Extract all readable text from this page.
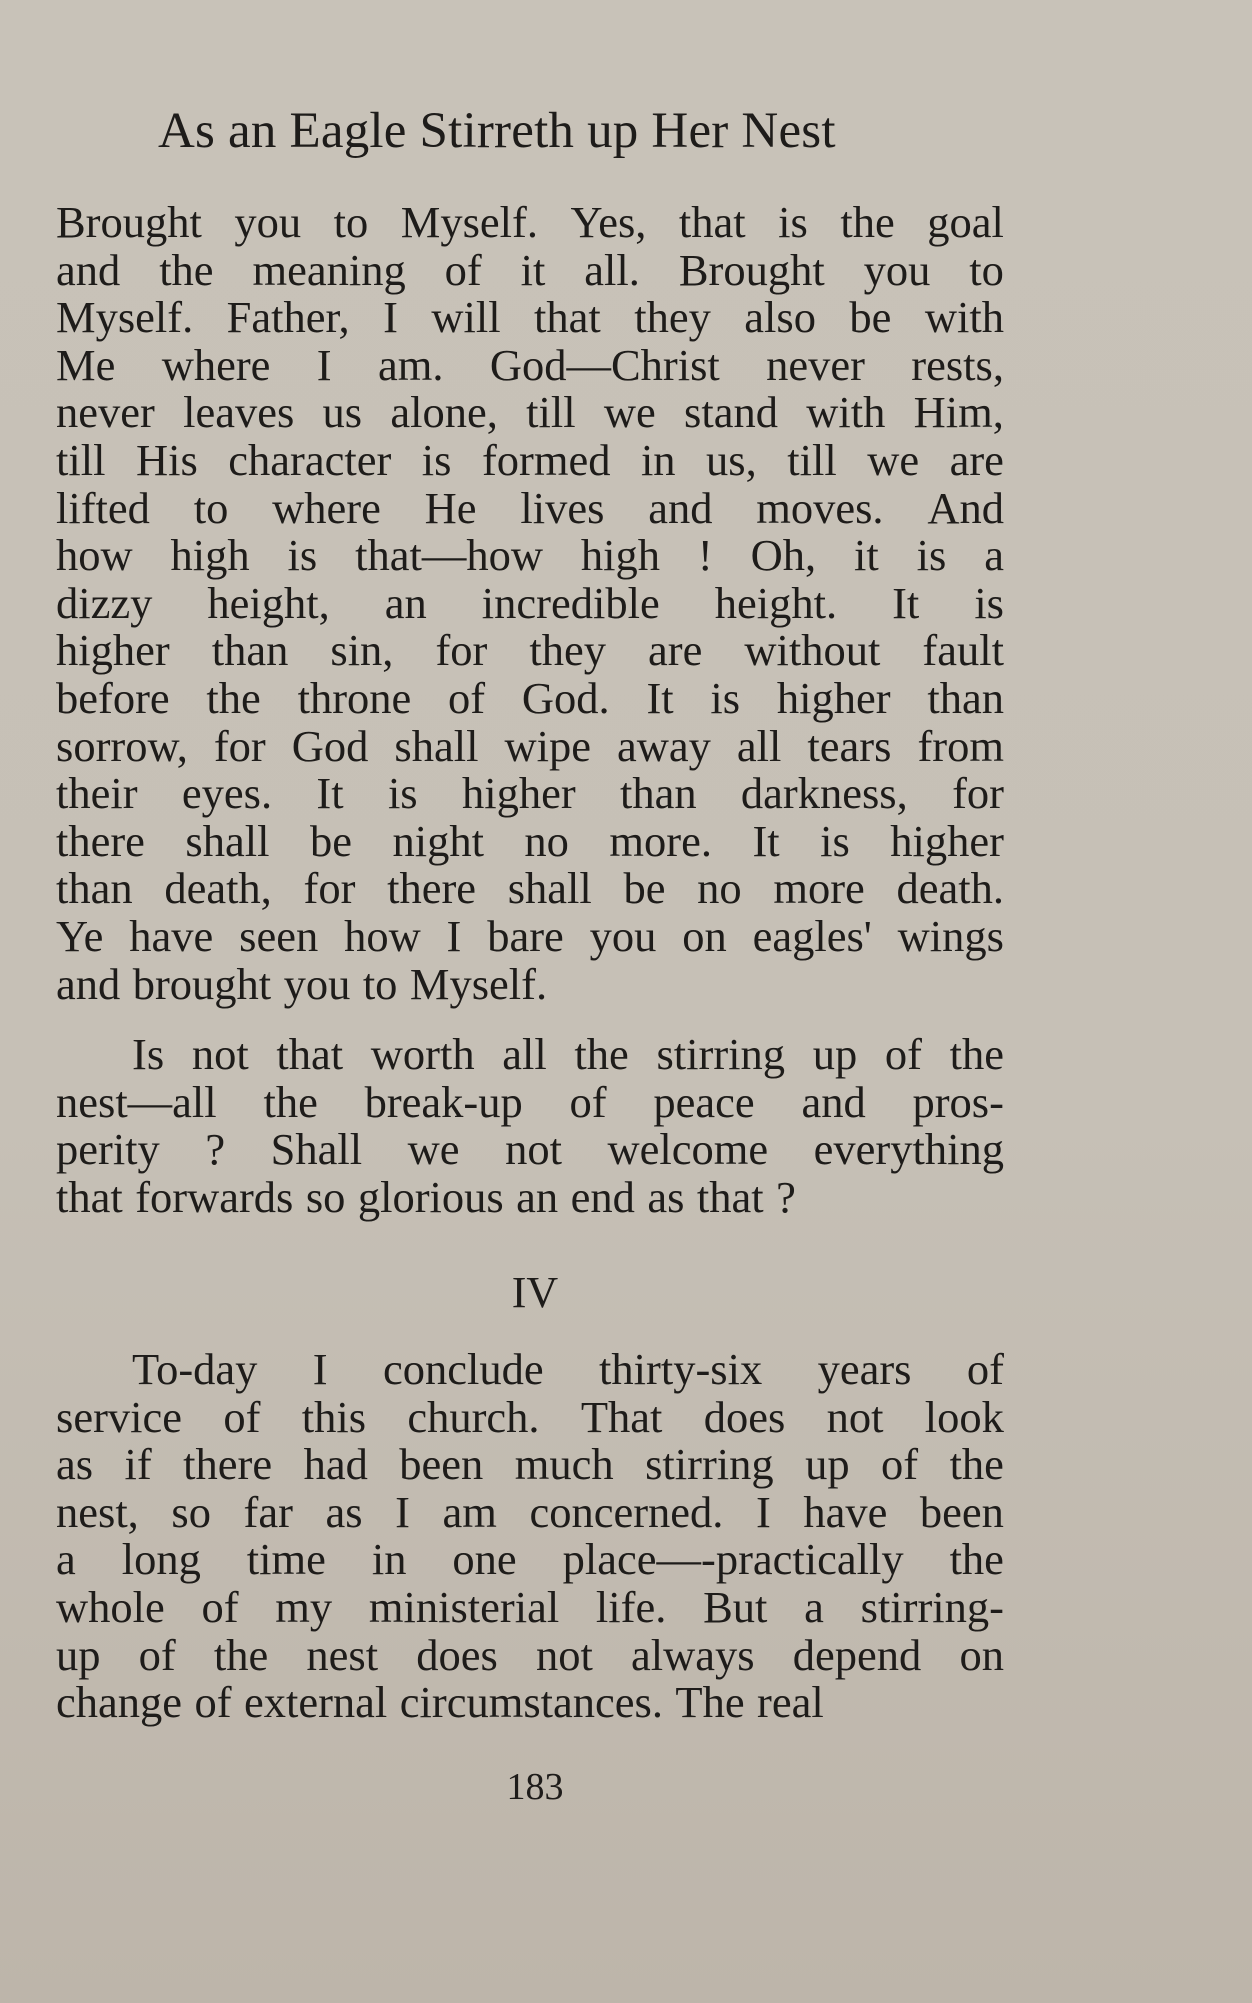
As an Eagle Stirreth up Her Nest
Brought you to Myself. Yes, that is the goal
and the meaning of it all. Brought you to
Myself. Father, I will that they also be with
Me where I am. God—Christ never rests,
never leaves us alone, till we stand with Him,
till His character is formed in us, till we are
lifted to where He lives and moves. And
how high is that—how high ! Oh, it is a
dizzy height, an incredible height. It is
higher than sin, for they are without fault
before the throne of God. It is higher than
sorrow, for God shall wipe away all tears from
their eyes. It is higher than darkness, for
there shall be night no more. It is higher
than death, for there shall be no more death.
Ye have seen how I bare you on eagles' wings
and brought you to Myself.
Is not that worth all the stirring up of the
nest—all the break-up of peace and pros-
perity ? Shall we not welcome everything
that forwards so glorious an end as that ?
IV
To-day I conclude thirty-six years of
service of this church. That does not look
as if there had been much stirring up of the
nest, so far as I am concerned. I have been
a long time in one place—-practically the
whole of my ministerial life. But a stirring-
up of the nest does not always depend on
change of external circumstances. The real
183
